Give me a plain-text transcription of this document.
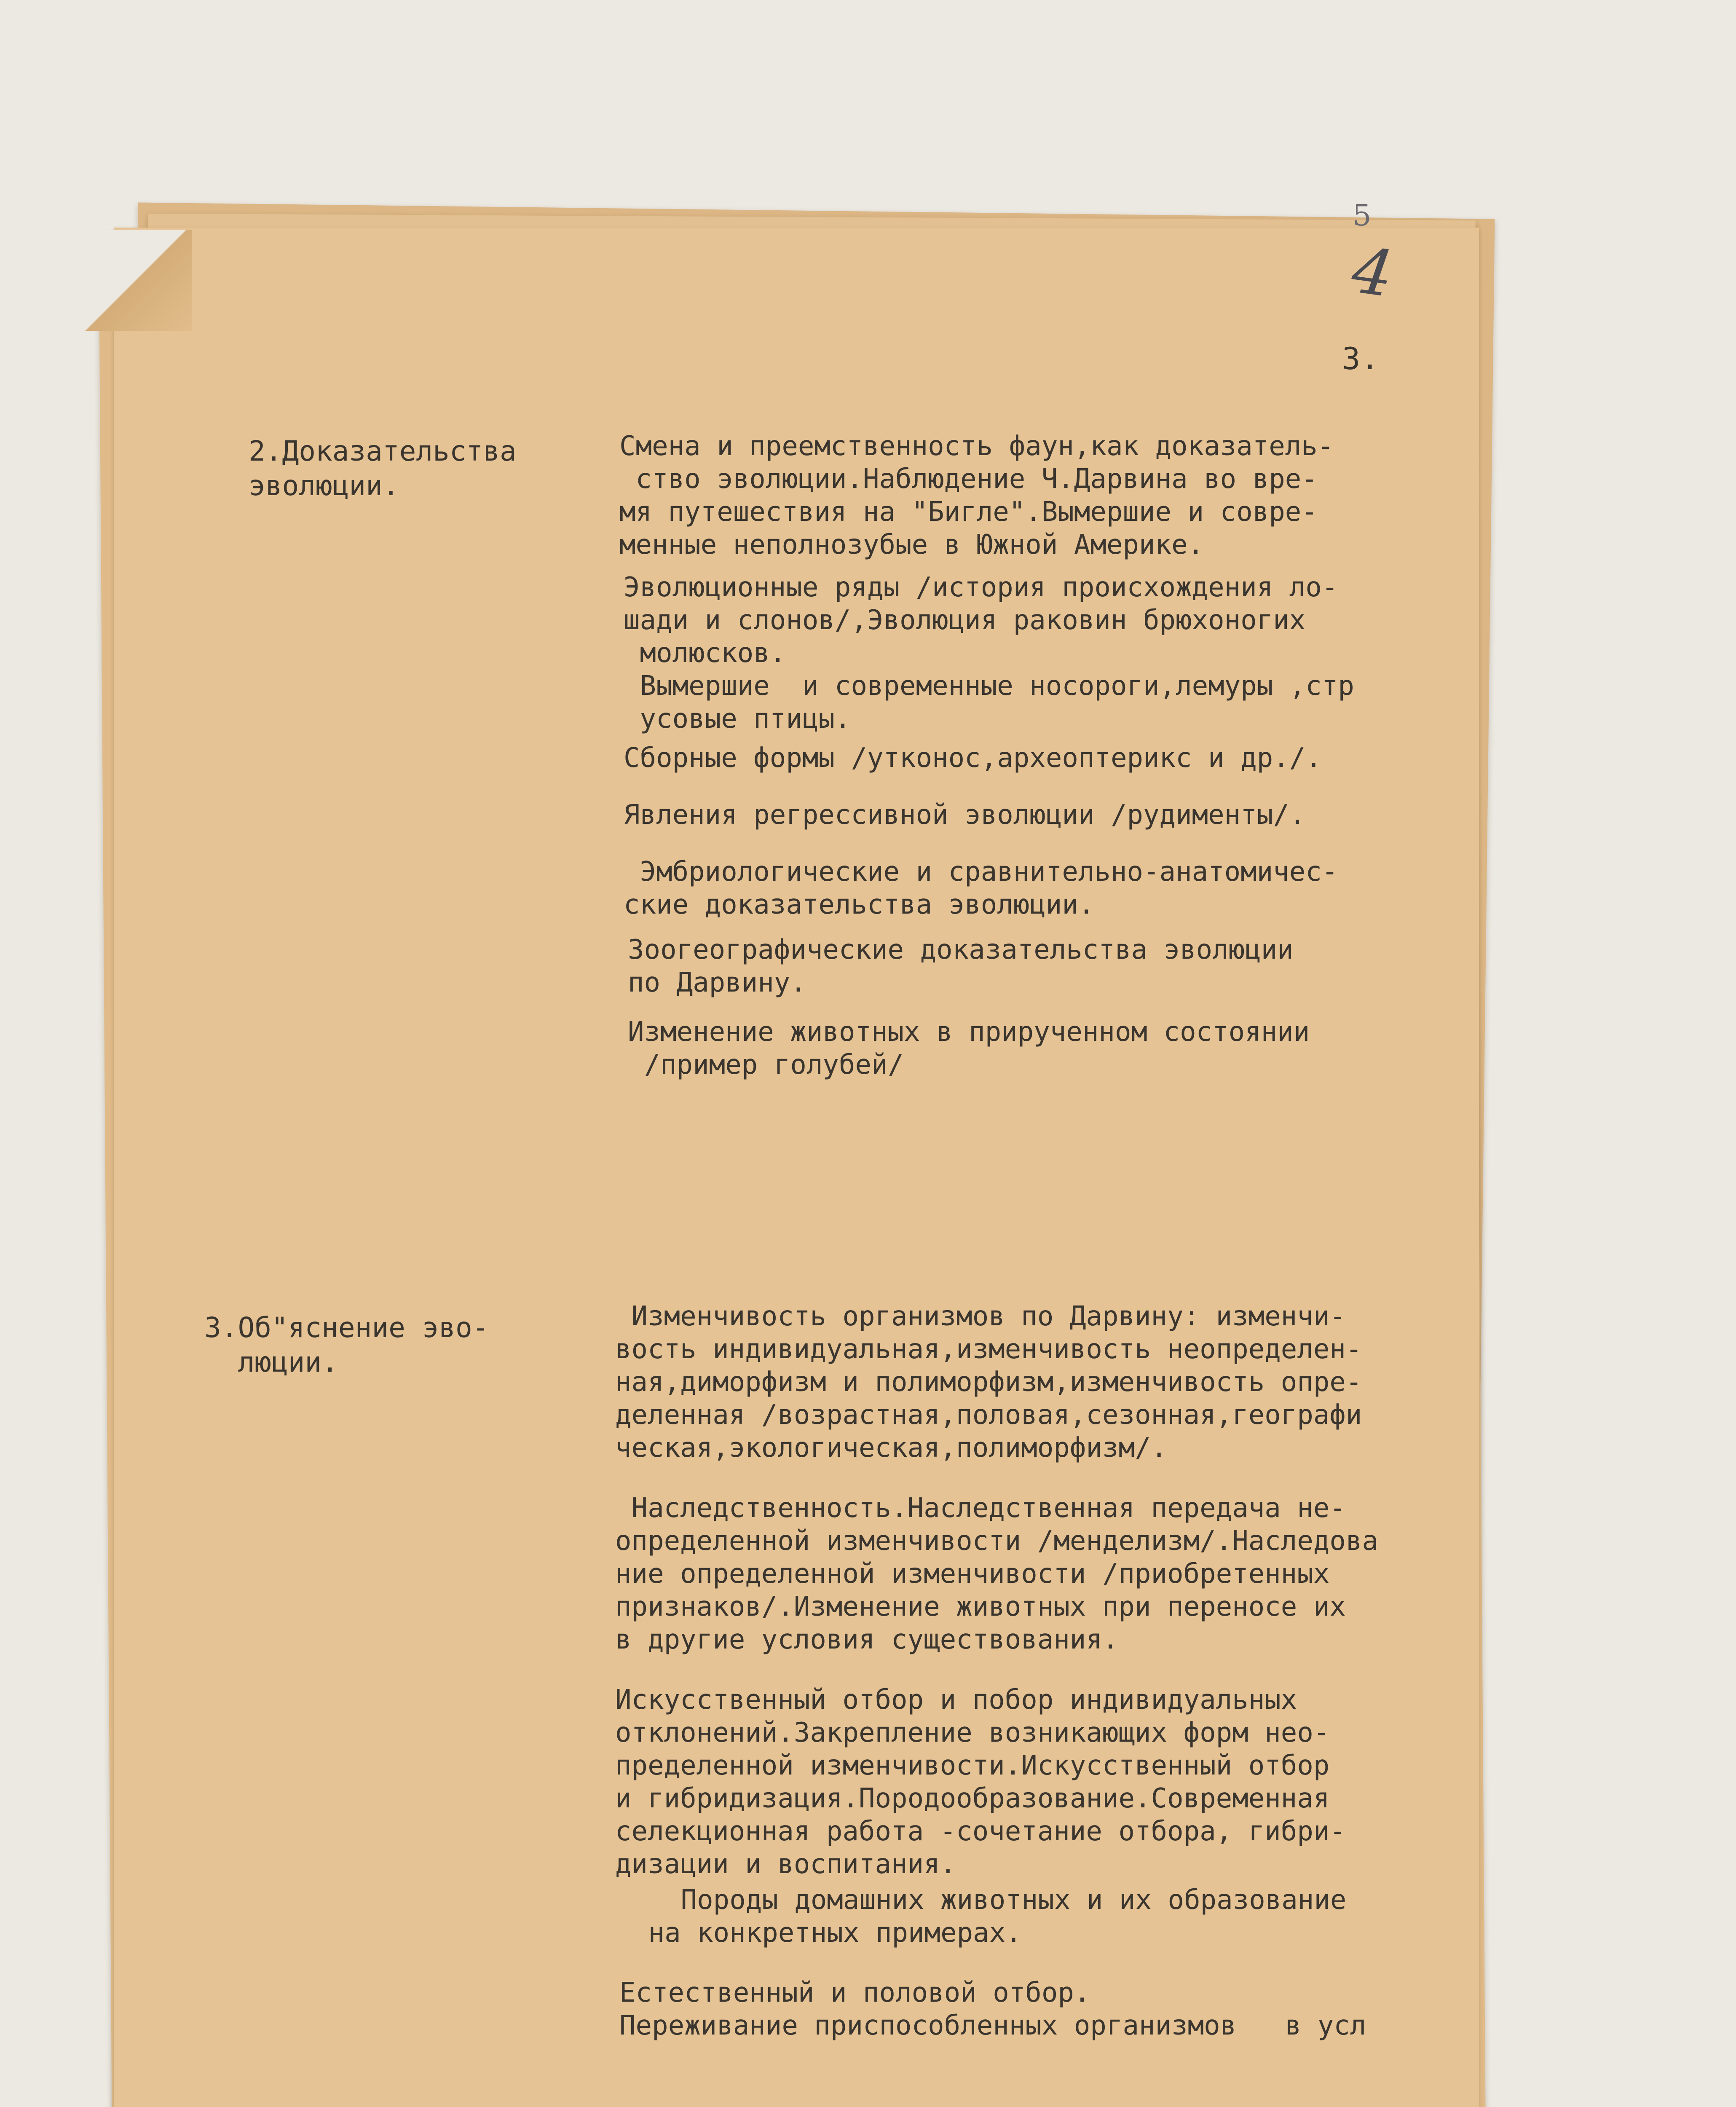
5
4
3.
2.Доказательства
эволюции.
Смена и преемственность фаун,как доказатель-
ство эволюции.Наблюдение Ч.Дарвина во вре-
мя путешествия на "Бигле".Вымершие и совре-
менные неполнозубые в Южной Америке.
Эволюционные ряды /история происхождения ло-
шади и слонов/,Эволюция раковин брюхоногих
молюсков.
Вымершие  и современные носороги,лемуры ,стр
усовые птицы.
Сборные формы /утконос,археоптерикс и др./.
Явления регрессивной эволюции /рудименты/.
Эмбриологические и сравнительно-анатомичес-
ские доказательства эволюции.
Зоогеографические доказательства эволюции
по Дарвину.
Изменение животных в прирученном состоянии
/пример голубей/
3.Об"яснение эво-
люции.
Изменчивость организмов по Дарвину: изменчи-
вость индивидуальная,изменчивость неопределен-
ная,диморфизм и полиморфизм,изменчивость опре-
деленная /возрастная,половая,сезонная,географи
ческая,экологическая,полиморфизм/.
Наследственность.Наследственная передача не-
определенной изменчивости /менделизм/.Наследова
ние определенной изменчивости /приобретенных
признаков/.Изменение животных при переносе их
в другие условия существования.
Искусственный отбор и побор индивидуальных
отклонений.Закрепление возникающих форм нео-
пределенной изменчивости.Искусственный отбор
и гибридизация.Породообразование.Современная
селекционная работа -сочетание отбора, гибри-
дизации и воспитания.
Породы домашних животных и их образование
на конкретных примерах.
Естественный и половой отбор.
Переживание приспособленных организмов   в усл
